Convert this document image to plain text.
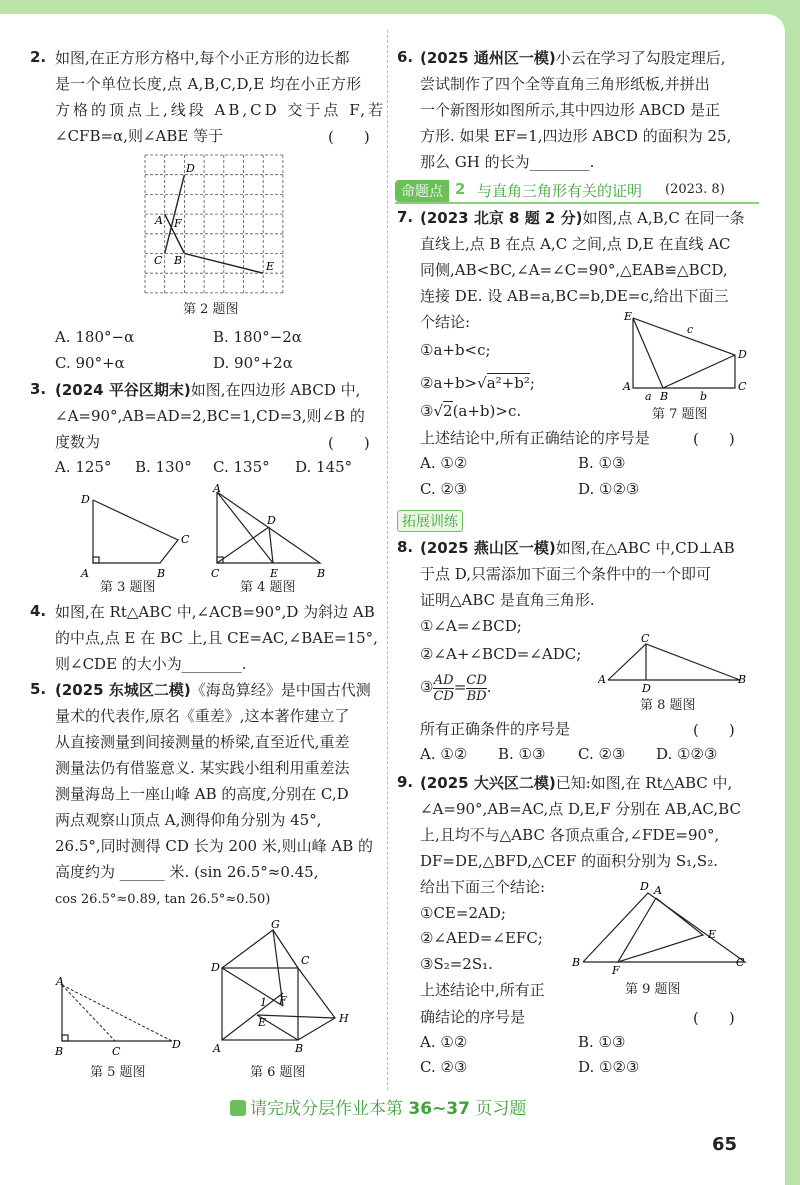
2. 如图,在正方形方格中,每个小正方形的边长都
是一个单位长度,点 A,B,C,D,E 均在小正方形
方格的顶点上,线段 AB,CD 交于点 F,若
∠CFB=α,则∠ABE 等于	(　　)
D
A F
C B	E
第 2 题图
A. 180°−α	B. 180°−2α
C. 90°+α	D. 90°+2α
3. (2024 平谷区期末)如图,在四边形 ABCD 中,
∠A=90°,AB=AD=2,BC=1,CD=3,则∠B 的
度数为	(　　)
A. 125° B. 130° C. 135° D. 145°
D
C
A	B
第 3 题图
A
D
C	E	B
第 4 题图
4. 如图,在 Rt△ABC 中,∠ACB=90°,D 为斜边 AB
的中点,点 E 在 BC 上,且 CE=AC,∠BAE=15°,
则∠CDE 的大小为________.
5. (2025 东城区二模)《海岛算经》是中国古代测
量术的代表作,原名《重差》,这本著作建立了
从直接测量到间接测量的桥梁,直至近代,重差
测量法仍有借鉴意义. 某实践小组利用重差法
测量海岛上一座山峰 AB 的高度,分别在 C,D
两点观察山顶点 A,测得仰角分别为 45°,
26.5°,同时测得 CD 长为 200 米,则山峰 AB 的
高度约为 ______ 米. (sin 26.5°≈0.45,
cos 26.5°≈0.89, tan 26.5°≈0.50)
A
B	C
D
第 5 题图
G
D
C
F
1
E	H
A	B
第 6 题图
6. (2025 通州区一模)小云在学习了勾股定理后,
尝试制作了四个全等直角三角形纸板,并拼出
一个新图形如图所示,其中四边形 ABCD 是正
方形. 如果 EF=1,四边形 ABCD 的面积为 25,
那么 GH 的长为________.
命题点 2 与直角三角形有关的证明 (2023. 8)
7. (2023 北京 8 题 2 分)如图,点 A,B,C 在同一条
直线上,点 B 在点 A,C 之间,点 D,E 在直线 AC
同侧,AB<BC,∠A=∠C=90°,△EAB≌△BCD,
连接 DE. 设 AB=a,BC=b,DE=c,给出下面三
个结论:
①a+b<c;
②a+b>√a²+b²;
③√2(a+b)>c.
E
c
D
A
a B	b
C
第 7 题图
上述结论中,所有正确结论的序号是	(　　)
A. ①②	B. ①③
C. ②③	D. ①②③
拓展训练
8. (2025 燕山区一模)如图,在△ABC 中,CD⊥AB
于点 D,只需添加下面三个条件中的一个即可
证明△ABC 是直角三角形.
①∠A=∠BCD;
②∠A+∠BCD=∠ADC;
③ $\frac{AD}{CD} = \frac{CD}{BD}$ .
C
A
D
B
第 8 题图
所有正确条件的序号是	(　　)
A. ①② B. ①③ C. ②③ D. ①②③
9. (2025 大兴区二模)已知:如图,在 Rt△ABC 中,
∠A=90°,AB=AC,点 D,E,F 分别在 AB,AC,BC
上,且均不与△ABC 各顶点重合,∠FDE=90°,
DF=DE,△BFD,△CEF 的面积分别为 S₁,S₂.
给出下面三个结论:
①CE=2AD;
②∠AED=∠EFC;
③S₂=2S₁.
上述结论中,所有正
确结论的序号是	(　　)
D A
E
B
F
C
第 9 题图
A. ①②	B. ①③
C. ②③	D. ①②③
请完成分层作业本第 36~37 页习题
65
